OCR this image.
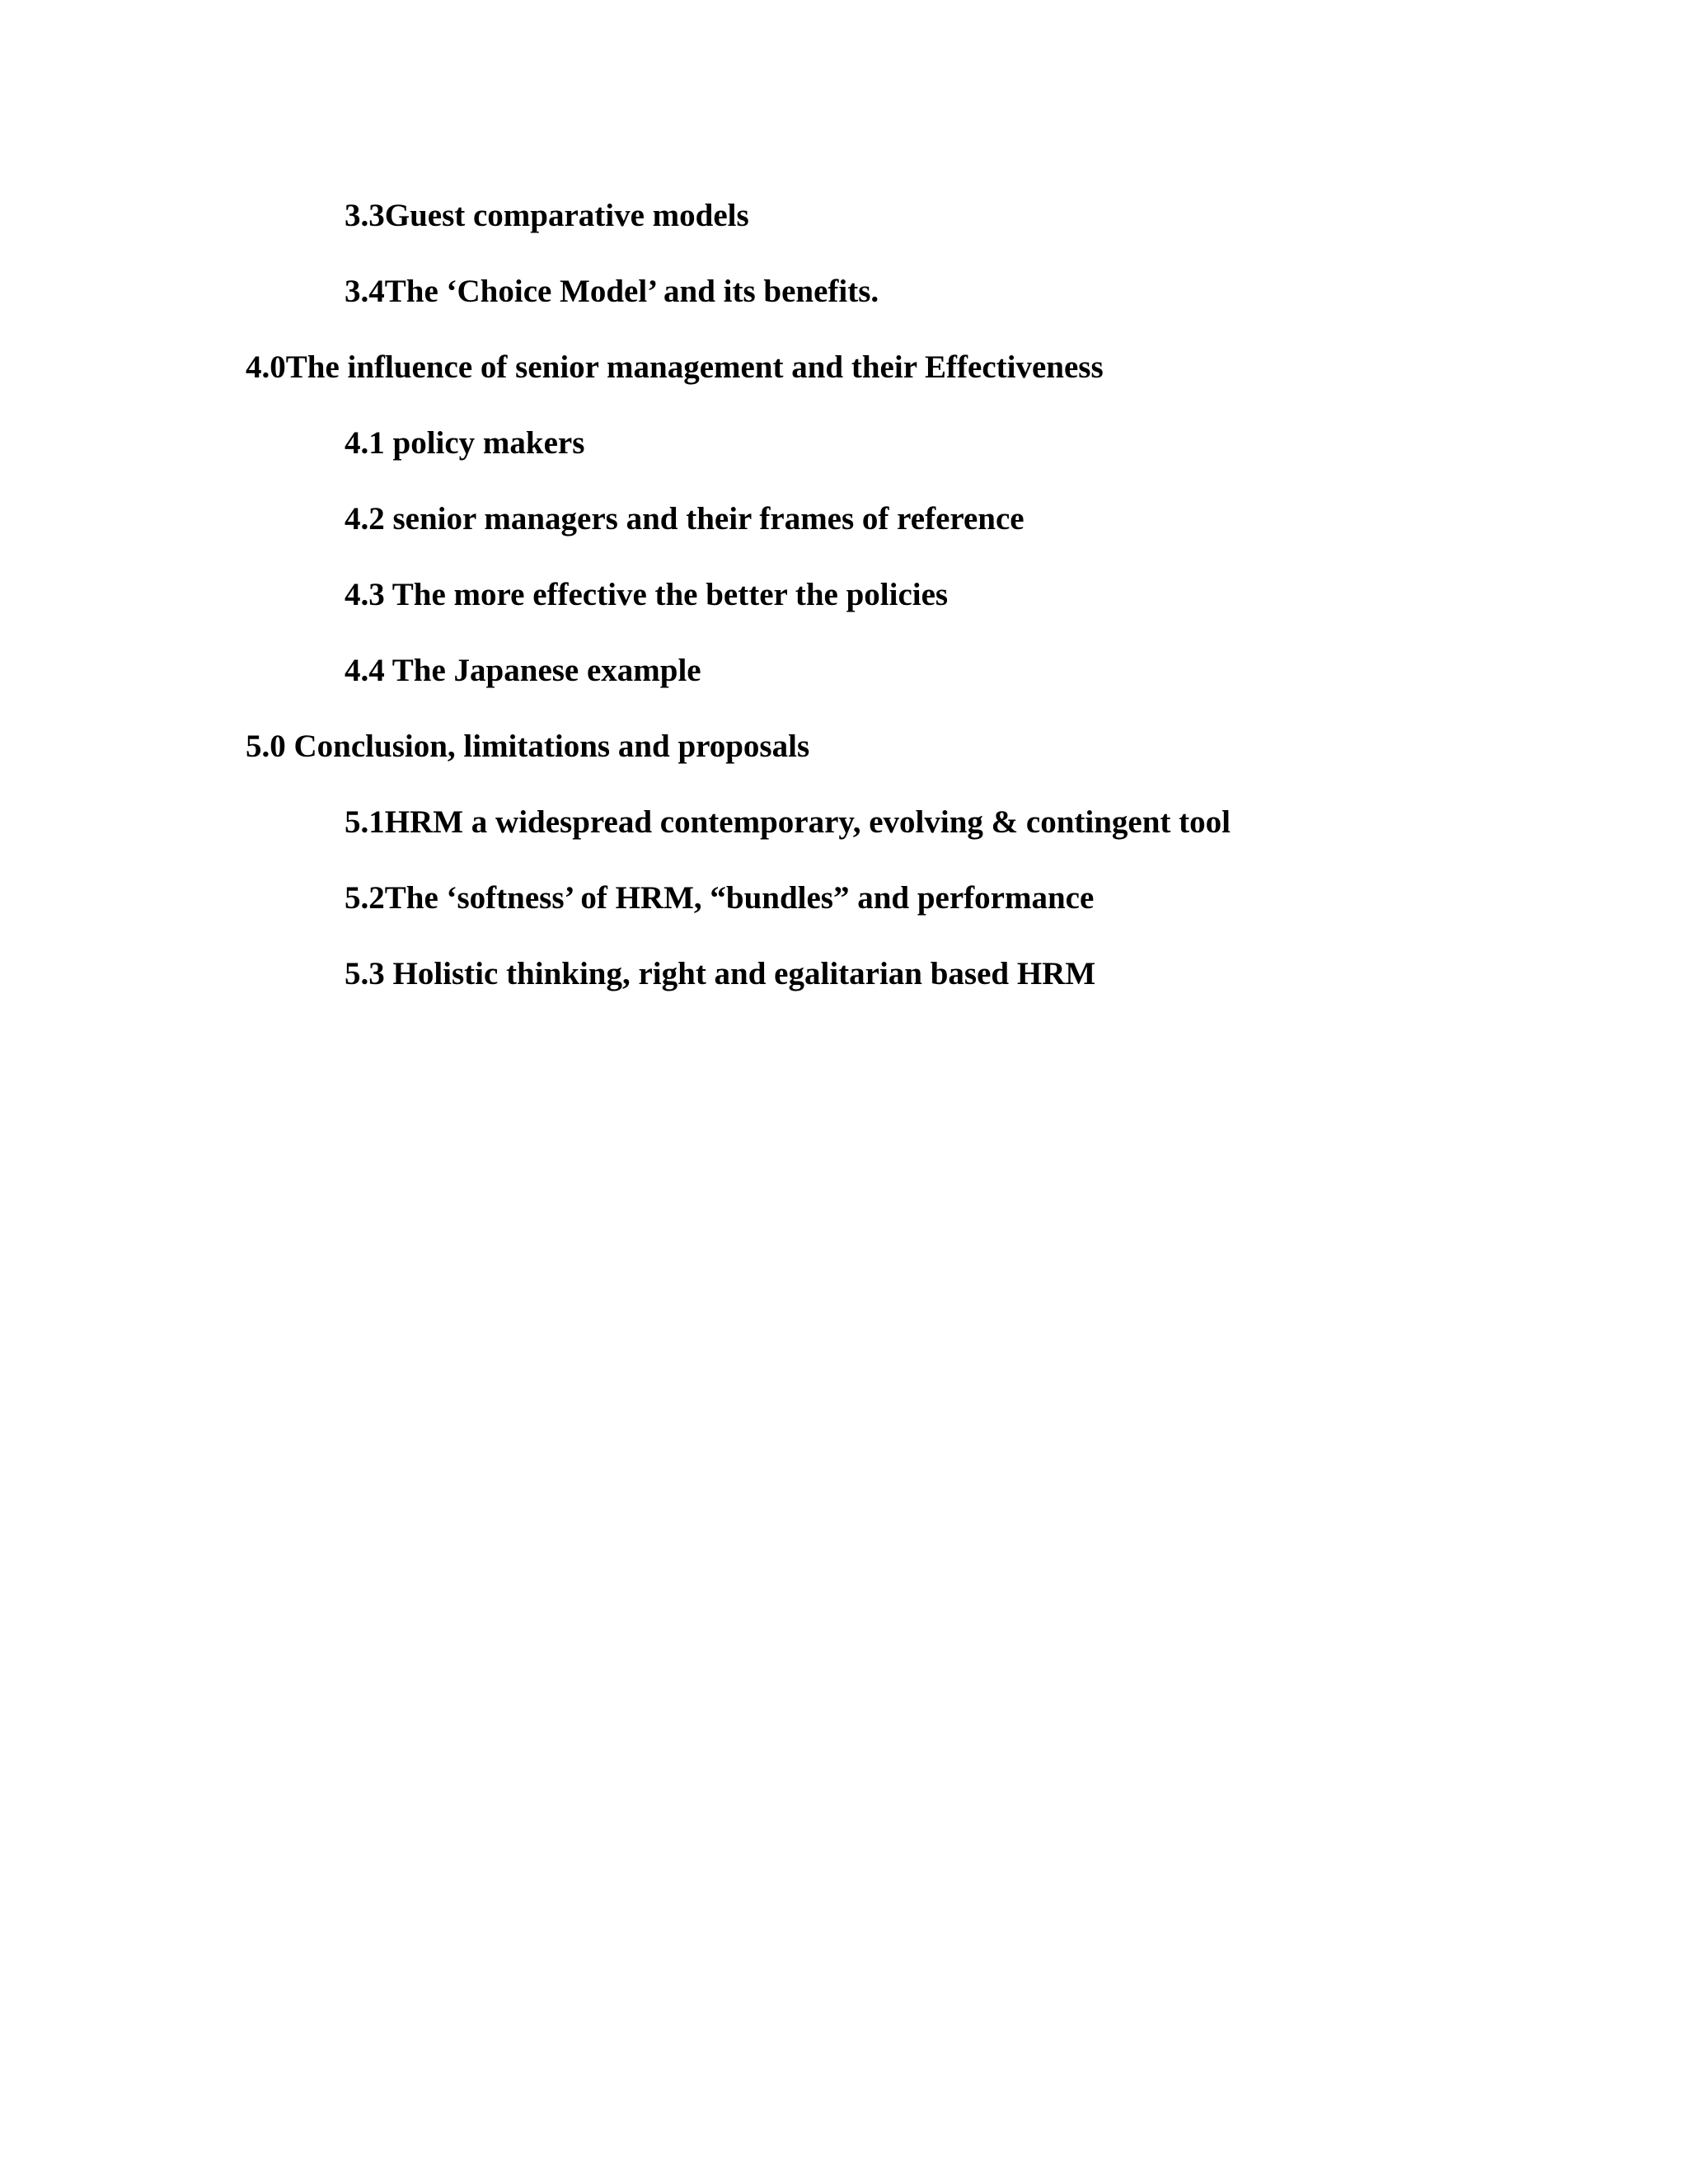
3.3Guest comparative models
3.4The ‘Choice Model’ and its benefits.
4.0The influence of senior management and their Effectiveness
4.1 policy makers
4.2 senior managers and their frames of reference
4.3 The more effective the better the policies
4.4 The Japanese example
5.0 Conclusion, limitations and proposals
5.1HRM a widespread contemporary, evolving & contingent tool
5.2The ‘softness’ of HRM, “bundles” and performance
5.3 Holistic thinking, right and egalitarian based HRM
